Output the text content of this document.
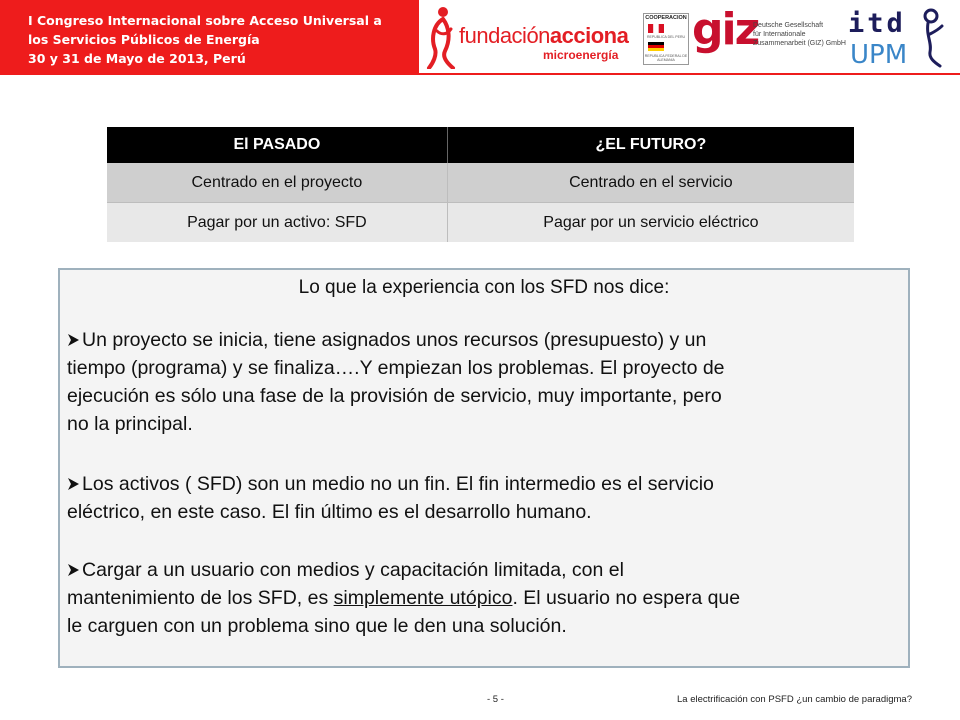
I Congreso Internacional sobre Acceso Universal a
los Servicios Públicos de Energía
30 y 31 de Mayo de 2013, Perú
fundaciónacciona
microenergía
COOPERACION
REPUBLICA DEL PERU
REPUBLICA FEDERAL DE ALEMANIA
giz
Deutsche Gesellschaft
für Internationale
Zusammenarbeit (GIZ) GmbH
itd
UPM
El PASADO	¿EL FUTURO?
Centrado en el proyecto	Centrado en el servicio
Pagar por un activo: SFD	Pagar por un servicio eléctrico
Lo que la experiencia con los SFD nos dice:
Un proyecto se inicia, tiene asignados unos recursos (presupuesto) y un
tiempo (programa) y se finaliza….Y empiezan los problemas. El proyecto de
ejecución es sólo una fase de la provisión de servicio, muy importante, pero
no la principal.
Los activos ( SFD) son un medio no un fin. El fin intermedio es el servicio
eléctrico, en este caso. El fin último es el desarrollo humano.
Cargar a un usuario con medios y capacitación limitada, con el
mantenimiento de los SFD, es simplemente utópico. El usuario no espera que
le carguen con un problema sino que le den una solución.
- 5 -	La electrificación con PSFD ¿un cambio de paradigma?
